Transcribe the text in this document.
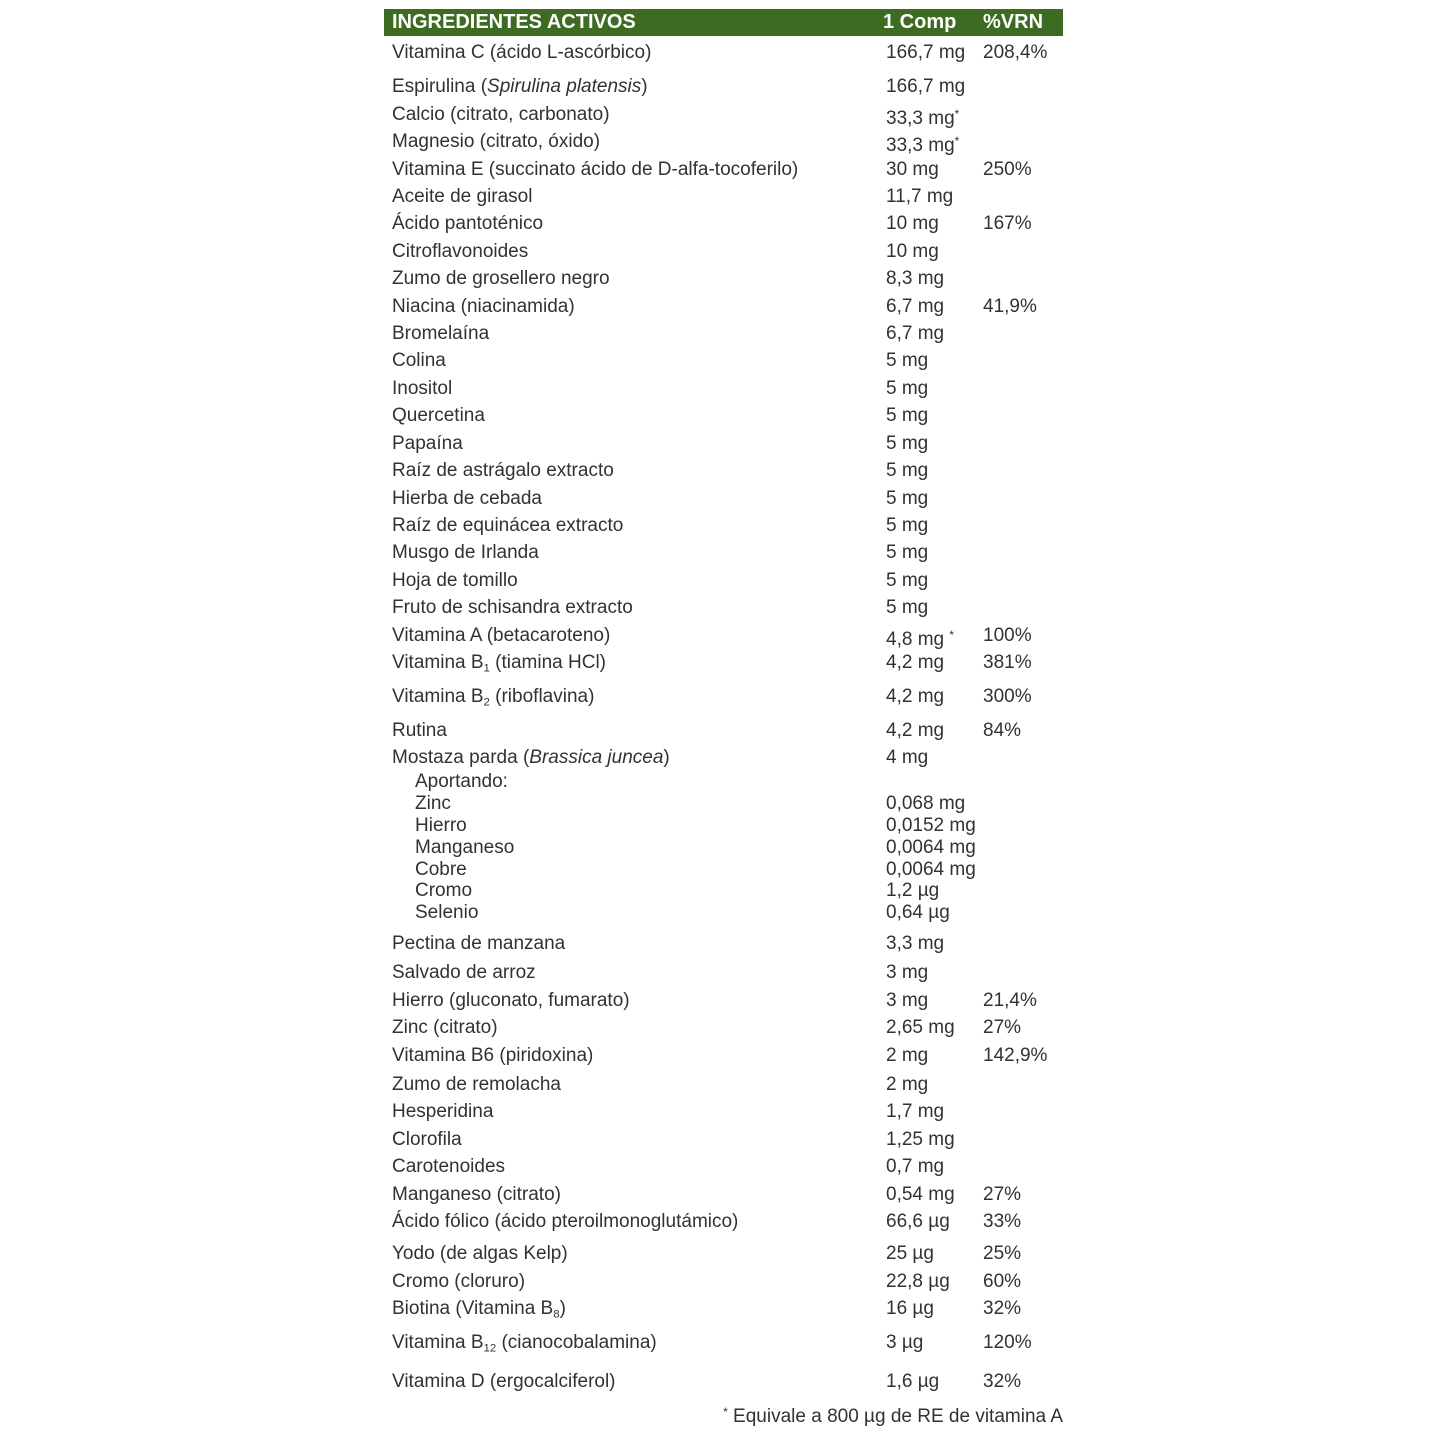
INGREDIENTES ACTIVOS	1 Comp %VRN
Vitamina C (ácido L-ascórbico)	166,7 mg 208,4%
Espirulina (Spirulina platensis)	166,7 mg
Calcio (citrato, carbonato)	33,3 mg*
Magnesio (citrato, óxido)	33,3 mg*
Vitamina E (succinato ácido de D-alfa-tocoferilo)	30 mg 250%
Aceite de girasol	11,7 mg
Ácido pantoténico	10 mg 167%
Citroflavonoides	10 mg
Zumo de grosellero negro	8,3 mg
Niacina (niacinamida)	6,7 mg 41,9%
Bromelaína	6,7 mg
Colina	5 mg
Inositol	5 mg
Quercetina	5 mg
Papaína	5 mg
Raíz de astrágalo extracto	5 mg
Hierba de cebada	5 mg
Raíz de equinácea extracto	5 mg
Musgo de Irlanda	5 mg
Hoja de tomillo	5 mg
Fruto de schisandra extracto	5 mg
Vitamina A (betacaroteno)	4,8 mg * 100%
Vitamina B1 (tiamina HCl)	4,2 mg 381%
Vitamina B2 (riboflavina)	4,2 mg 300%
Rutina	4,2 mg 84%
Mostaza parda (Brassica juncea)	4 mg
Aportando:
Zinc	0,068 mg
Hierro	0,0152 mg
Manganeso	0,0064 mg
Cobre	0,0064 mg
Cromo	1,2 µg
Selenio	0,64 µg
Pectina de manzana	3,3 mg
Salvado de arroz	3 mg
Hierro (gluconato, fumarato)	3 mg	21,4%
Zinc (citrato)	2,65 mg 27%
Vitamina B6 (piridoxina)	2 mg	142,9%
Zumo de remolacha	2 mg
Hesperidina	1,7 mg
Clorofila	1,25 mg
Carotenoides	0,7 mg
Manganeso (citrato)	0,54 mg 27%
Ácido fólico (ácido pteroilmonoglutámico)	66,6 µg 33%
Yodo (de algas Kelp)	25 µg	25%
Cromo (cloruro)	22,8 µg 60%
Biotina (Vitamina B8)	16 µg	32%
Vitamina B12 (cianocobalamina)	3 µg	120%
Vitamina D (ergocalciferol)	1,6 µg 32%
* Equivale a 800 µg de RE de vitamina A
